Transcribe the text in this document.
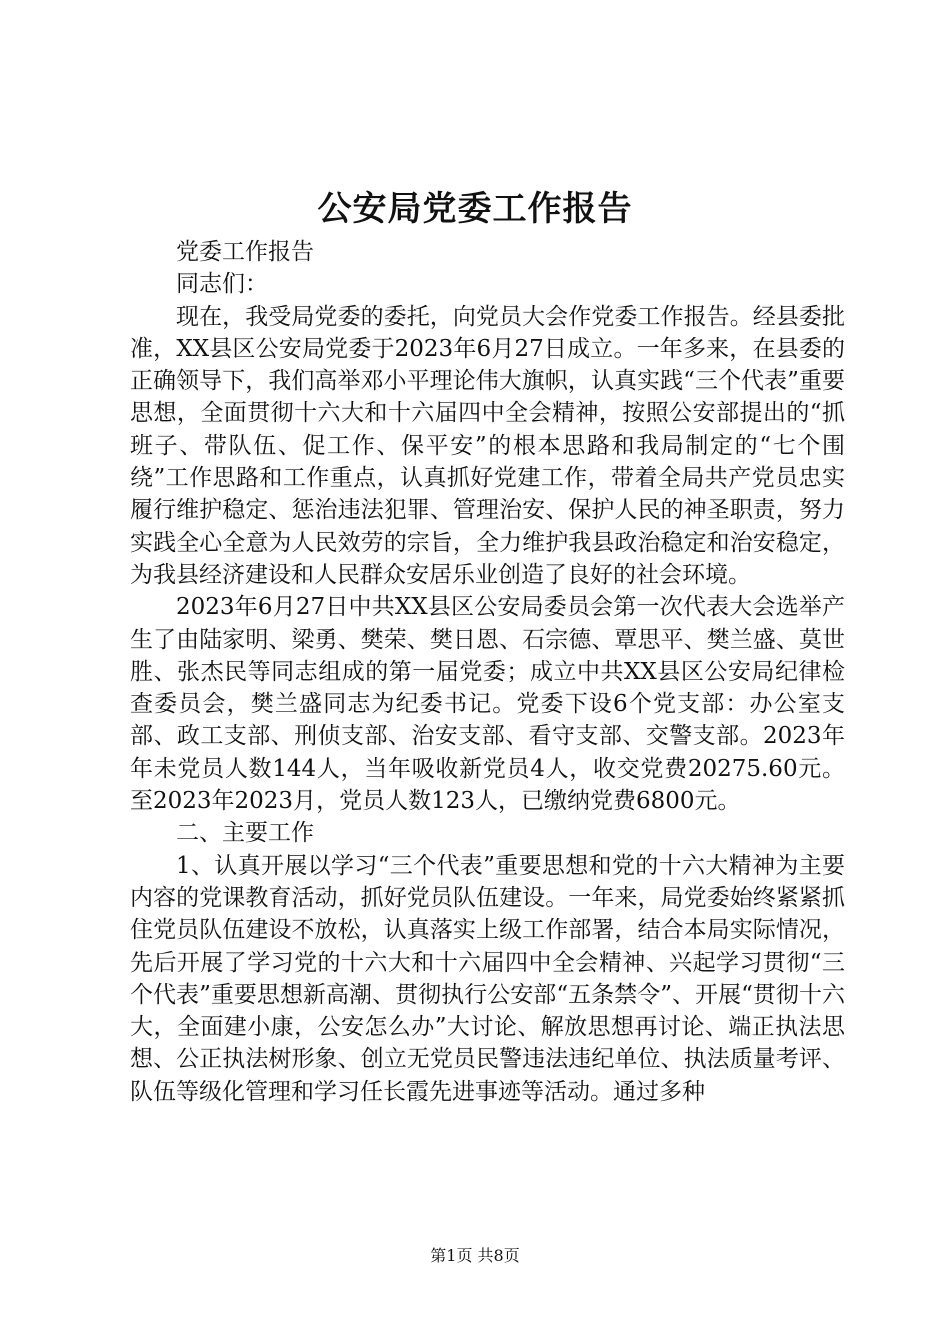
公安局党委工作报告

党委工作报告

同志们：

现在，我受局党委的委托，向党员大会作党委工作报告。经县委批准，XX县区公安局党委于2023年6月27日成立。一年多来，在县委的正确领导下，我们高举邓小平理论伟大旗帜，认真实践“三个代表”重要思想，全面贯彻十六大和十六届四中全会精神，按照公安部提出的“抓班子、带队伍、促工作、保平安”的根本思路和我局制定的“七个围绕”工作思路和工作重点，认真抓好党建工作，带着全局共产党员忠实履行维护稳定、惩治违法犯罪、管理治安、保护人民的神圣职责，努力实践全心全意为人民效劳的宗旨，全力维护我县政治稳定和治安稳定，为我县经济建设和人民群众安居乐业创造了良好的社会环境。

2023年6月27日中共XX县区公安局委员会第一次代表大会选举产生了由陆家明、梁勇、樊荣、樊日恩、石宗德、覃思平、樊兰盛、莫世胜、张杰民等同志组成的第一届党委；成立中共XX县区公安局纪律检查委员会，樊兰盛同志为纪委书记。党委下设6个党支部：办公室支部、政工支部、刑侦支部、治安支部、看守支部、交警支部。2023年年未党员人数144人，当年吸收新党员4人，收交党费20275.60元。至2023年2023月，党员人数123人，已缴纳党费6800元。

二、主要工作

1、认真开展以学习“三个代表”重要思想和党的十六大精神为主要内容的党课教育活动，抓好党员队伍建设。一年来，局党委始终紧紧抓住党员队伍建设不放松，认真落实上级工作部署，结合本局实际情况，先后开展了学习党的十六大和十六届四中全会精神、兴起学习贯彻“三个代表”重要思想新高潮、贯彻执行公安部“五条禁令”、开展“贯彻十六大，全面建小康，公安怎么办”大讨论、解放思想再讨论、端正执法思想、公正执法树形象、创立无党员民警违法违纪单位、执法质量考评、队伍等级化管理和学习任长霞先进事迹等活动。通过多种

第1页 共8页
